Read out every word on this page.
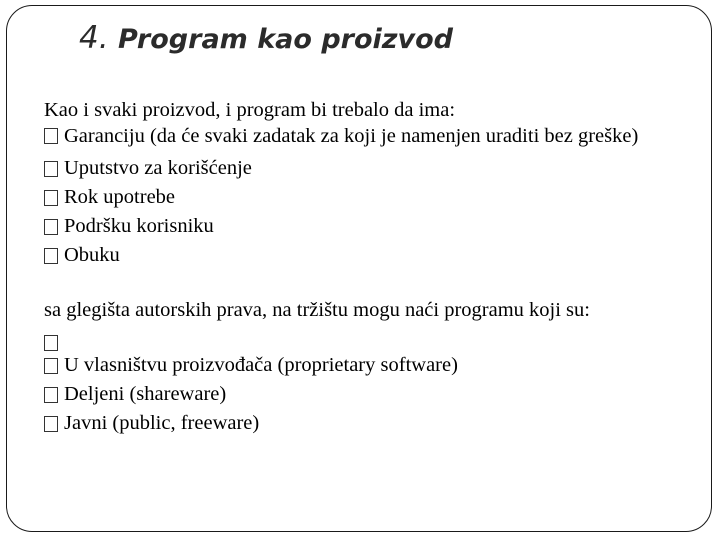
4. Program kao proizvod

Kao i svaki proizvod, i program bi trebalo da ima:

Garanciju (da će svaki zadatak za koji je namenjen uraditi bez greške)
Uputstvo za korišćenje
Rok upotrebe
Podršku korisniku
Obuku

sa glegišta autorskih prava, na tržištu mogu naći programu koji su:

U vlasništvu proizvođača (proprietary software)
Deljeni (shareware)
Javni (public, freeware)
